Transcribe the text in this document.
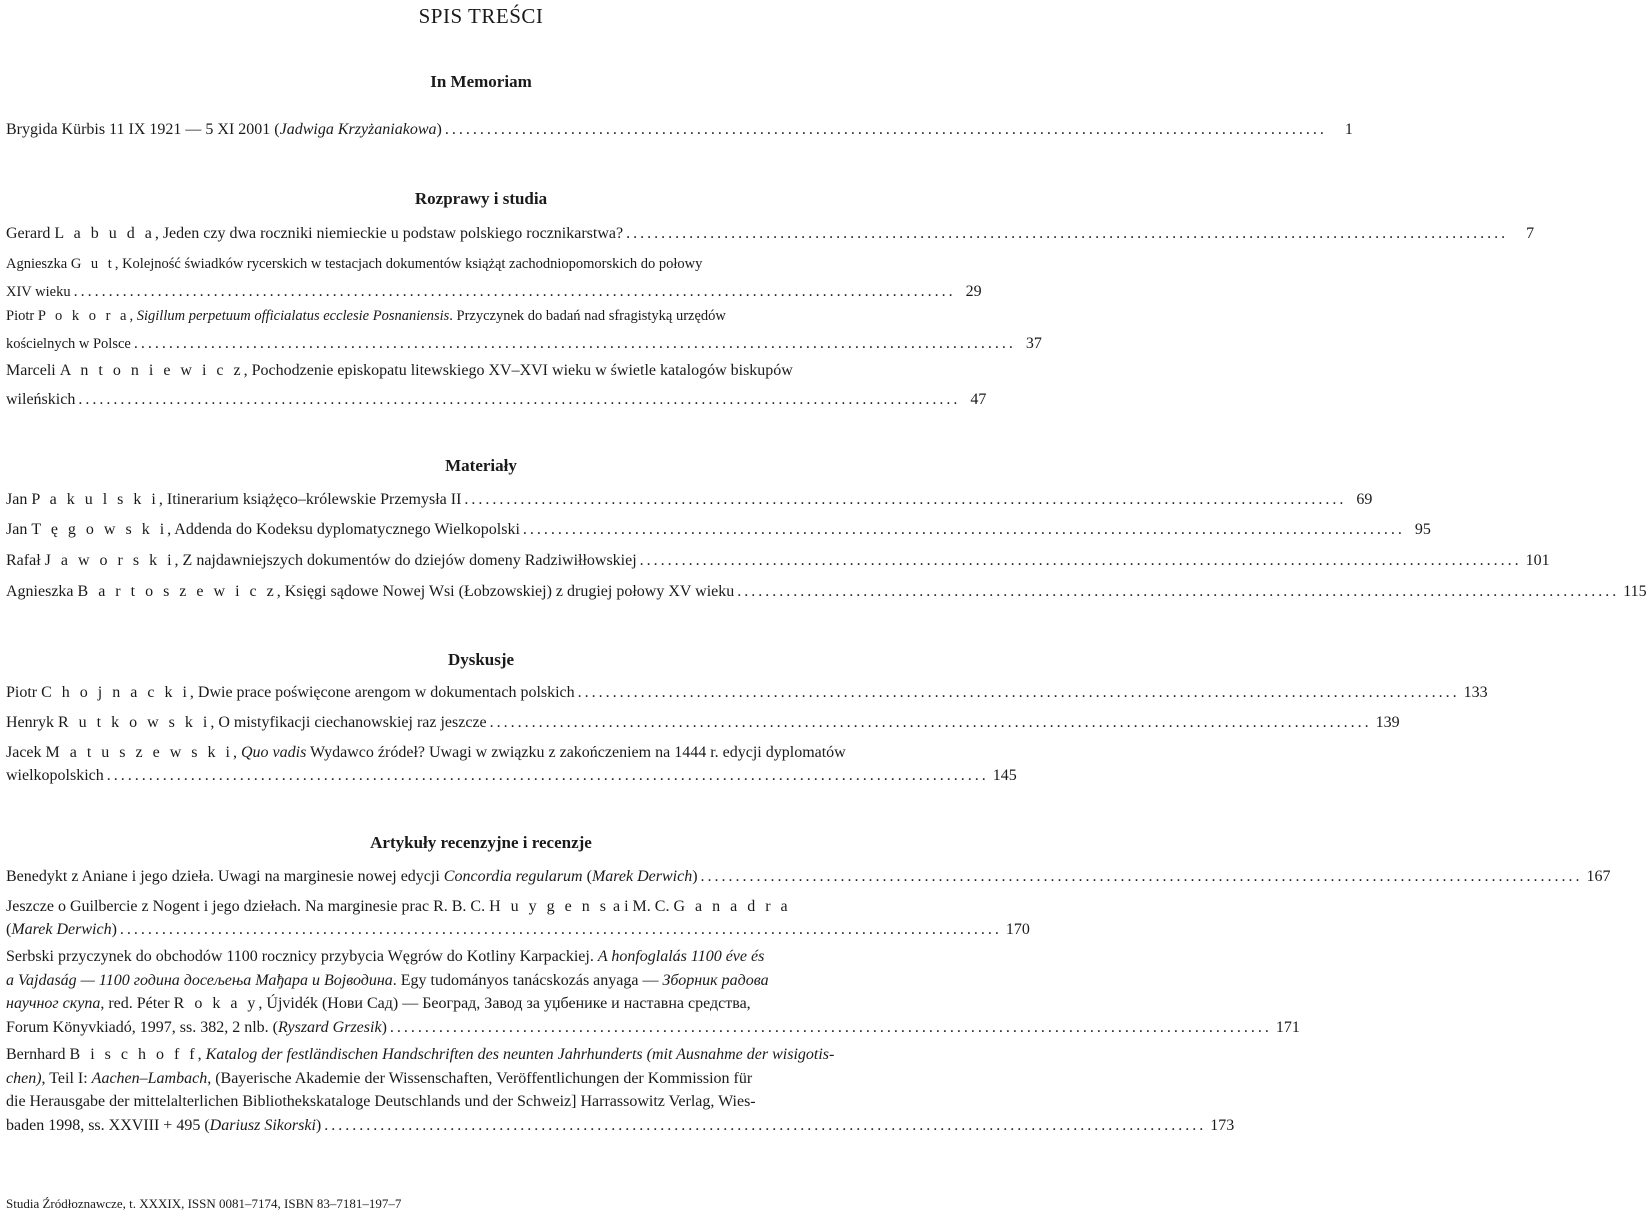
SPIS TREŚCI
In Memoriam
Brygida Kürbis 11 IX 1921 — 5 XI 2001 (Jadwiga Krzyżaniakowa) ..............................................................................................................................	1
Rozprawy i studia
Gerard L a b u d a, Jeden czy dwa roczniki niemieckie u podstaw polskiego rocznikarstwa? ..............................................................................................................................	7
Agnieszka G u t, Kolejność świadków rycerskich w testacjach dokumentów książąt zachodniopomorskich do połowy
XIV wieku .............................................................................................................................. 29
Piotr P o k o r a, Sigillum perpetuum officialatus ecclesie Posnaniensis. Przyczynek do badań nad sfragistyką urzędów
kościelnych w Polsce .............................................................................................................................. 37
Marceli A n t o n i e w i c z, Pochodzenie episkopatu litewskiego XV–XVI wieku w świetle katalogów biskupów
wileńskich .............................................................................................................................. 47
Materiały
Jan P a k u l s k i, Itinerarium książęco–królewskie Przemysła II .............................................................................................................................. 69
Jan T ę g o w s k i, Addenda do Kodeksu dyplomatycznego Wielkopolski .............................................................................................................................. 95
Rafał J a w o r s k i, Z najdawniejszych dokumentów do dziejów domeny Radziwiłłowskiej .............................................................................................................................. 101
Agnieszka B a r t o s z e w i c z, Księgi sądowe Nowej Wsi (Łobzowskiej) z drugiej połowy XV wieku .............................................................................................................................. 115
Dyskusje
Piotr C h o j n a c k i, Dwie prace poświęcone arengom w dokumentach polskich .............................................................................................................................. 133
Henryk R u t k o w s k i, O mistyfikacji ciechanowskiej raz jeszcze .............................................................................................................................. 139
Jacek M a t u s z e w s k i, Quo vadis Wydawco źródeł? Uwagi w związku z zakończeniem na 1444 r. edycji dyplomatów
wielkopolskich .............................................................................................................................. 145
Artykuły recenzyjne i recenzje
Benedykt z Aniane i jego dzieła. Uwagi na marginesie nowej edycji Concordia regularum (Marek Derwich) .............................................................................................................................. 167
Jeszcze o Guilbercie z Nogent i jego dziełach. Na marginesie prac R. B. C. H u y g e n s a i M. C. G a n a d r a
(Marek Derwich) .............................................................................................................................. 170
Serbski przyczynek do obchodów 1100 rocznicy przybycia Węgrów do Kotliny Karpackiej. A honfoglalás 1100 éve és
a Vajdaság — 1100 година досељења Мађара и Војводина. Egy tudományos tanácskozás anyaga — Зборник радова
научног скупа, red. Péter R o k a y, Újvidék (Нови Сад) — Београд, Завод за уџбенике и наставна средства,
Forum Könyvkiadó, 1997, ss. 382, 2 nlb. (Ryszard Grzesik) .............................................................................................................................. 171
Bernhard B i s c h o f f, Katalog der festländischen Handschriften des neunten Jahrhunderts (mit Ausnahme der wisigotis-
chen), Teil I: Aachen–Lambach, (Bayerische Akademie der Wissenschaften, Veröffentlichungen der Kommission für
die Herausgabe der mittelalterlichen Bibliothekskataloge Deutschlands und der Schweiz] Harrassowitz Verlag, Wies-
baden 1998, ss. XXVIII + 495 (Dariusz Sikorski) .............................................................................................................................. 173
Studia Źródłoznawcze, t. XXXIX, ISSN 0081–7174, ISBN 83–7181–197–7
